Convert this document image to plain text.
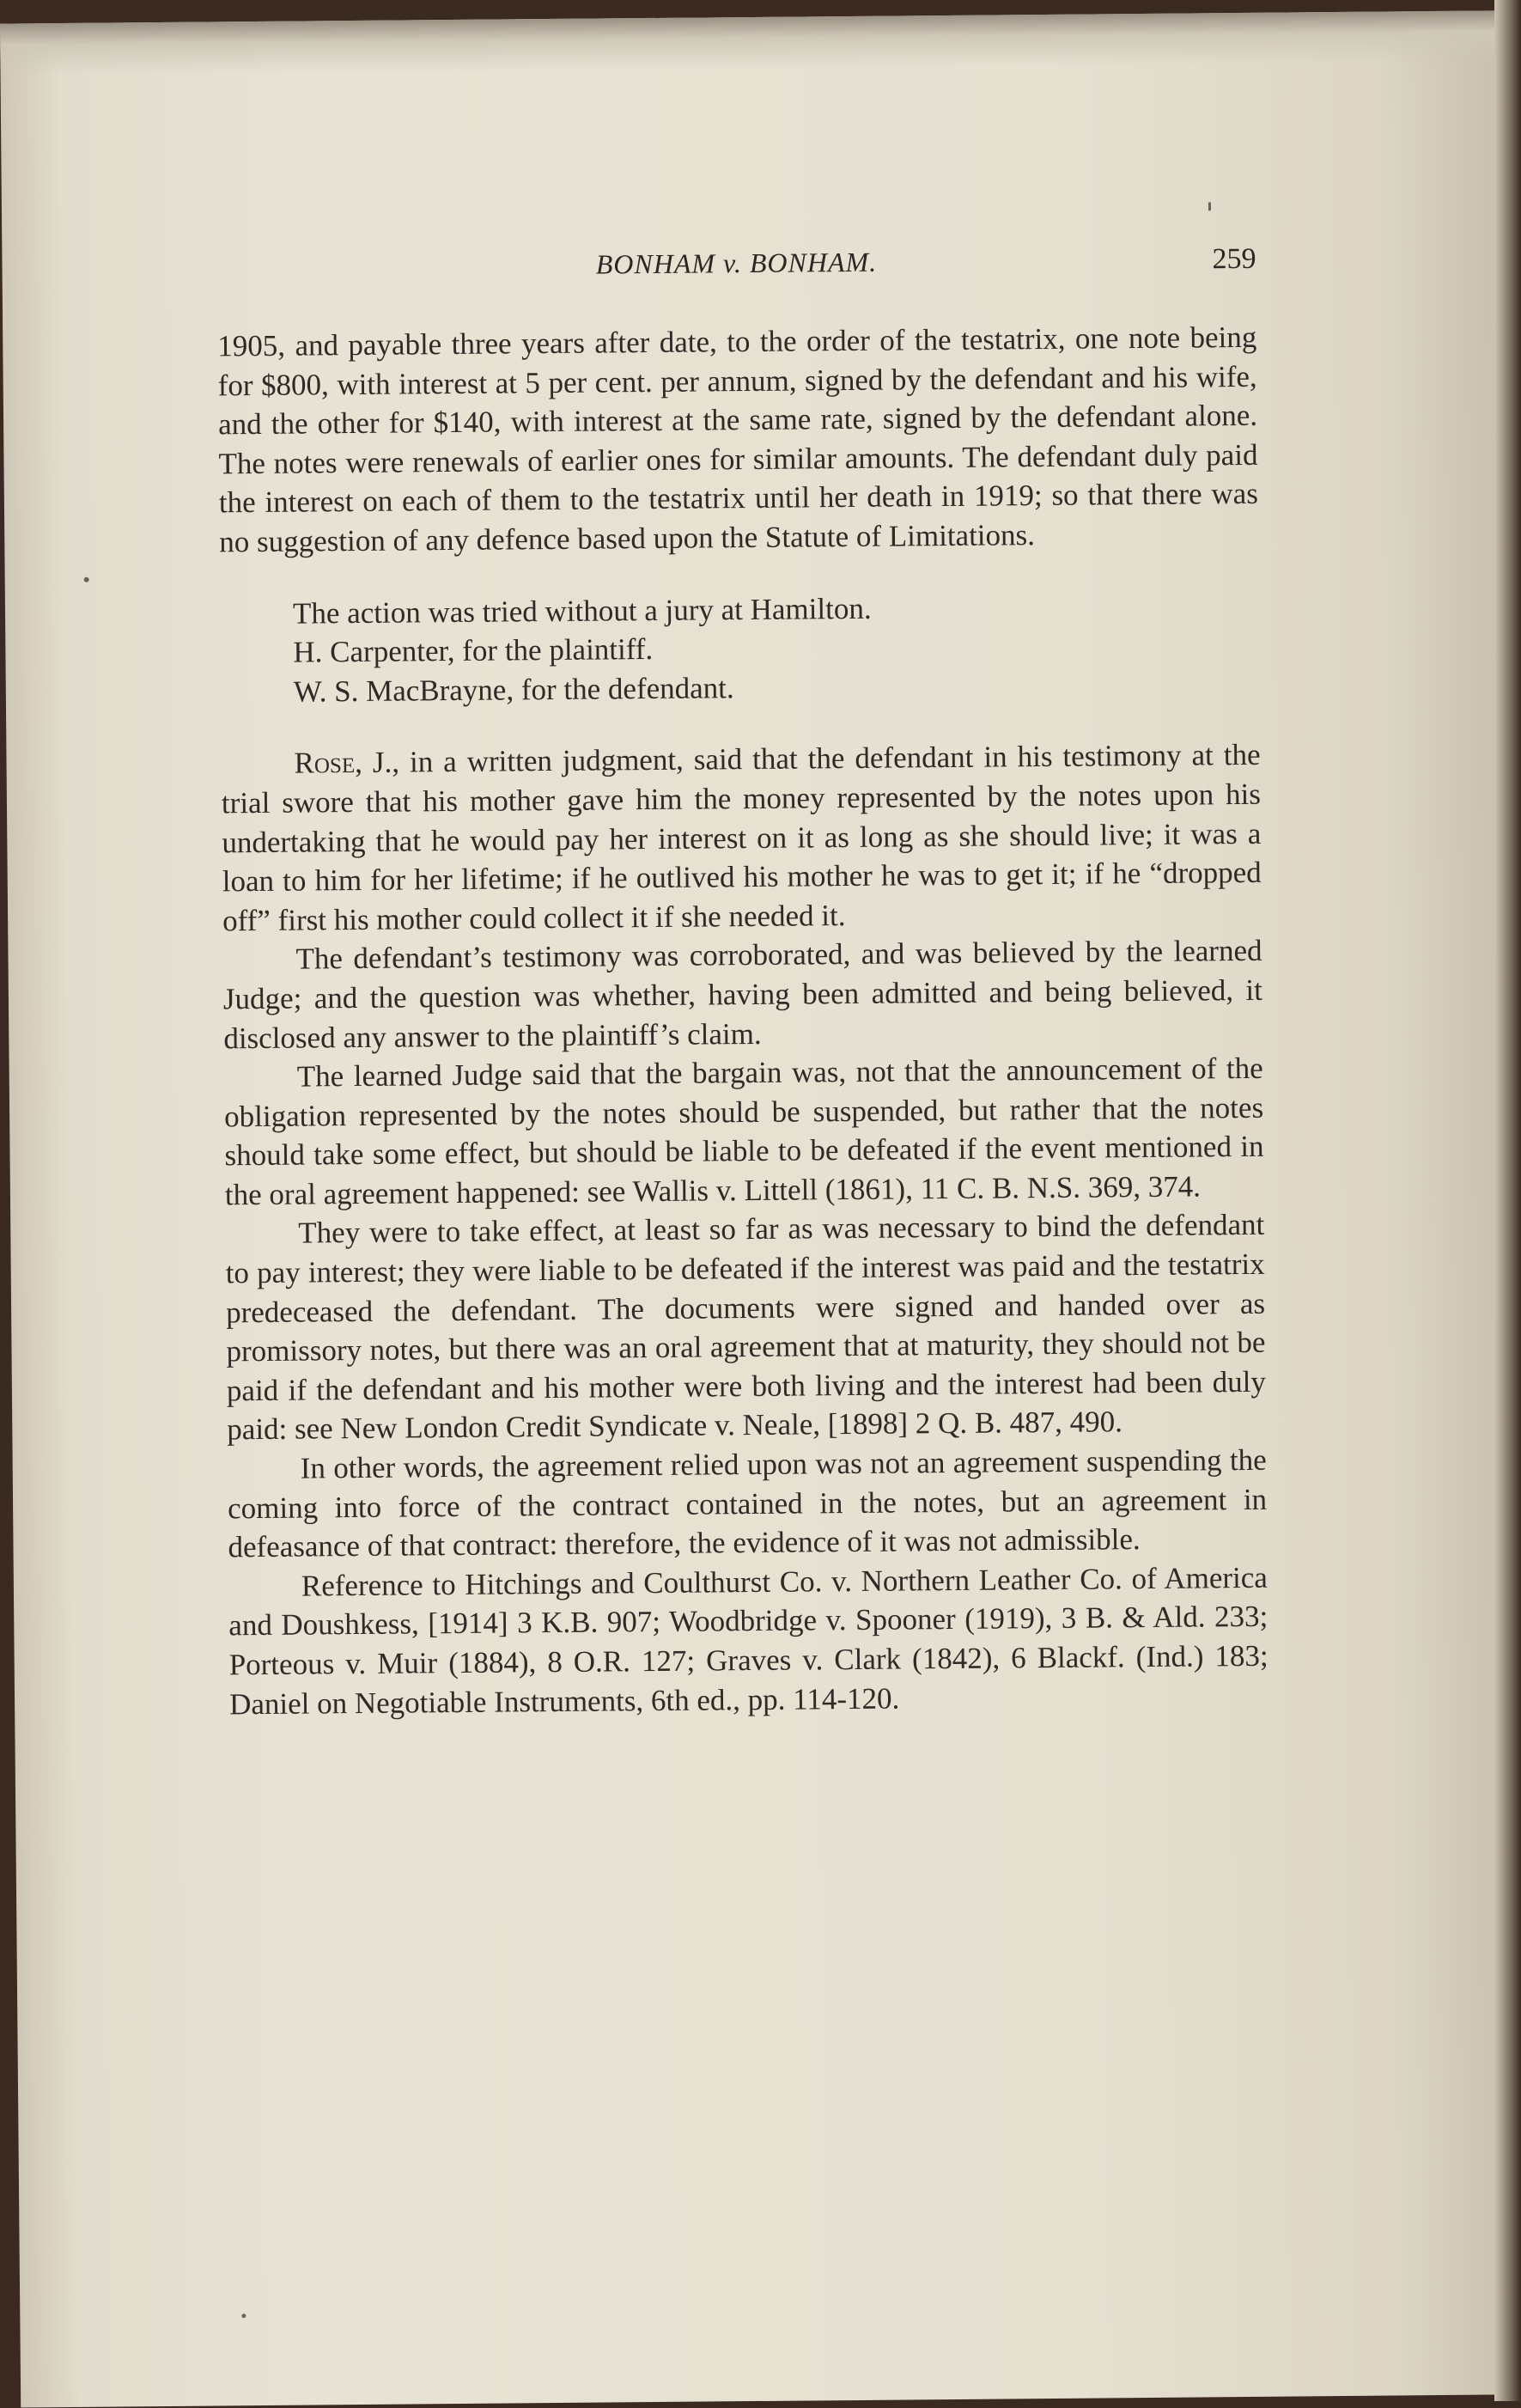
BONHAM v. BONHAM.	259

1905, and payable three years after date, to the order of the testatrix, one note being for $800, with interest at 5 per cent. per annum, signed by the defendant and his wife, and the other for $140, with interest at the same rate, signed by the defendant alone. The notes were renewals of earlier ones for similar amounts. The defendant duly paid the interest on each of them to the testatrix until her death in 1919; so that there was no suggestion of any defence based upon the Statute of Limitations.

The action was tried without a jury at Hamilton.

H. Carpenter, for the plaintiff.

W. S. MacBrayne, for the defendant.

Rose, J., in a written judgment, said that the defendant in his testimony at the trial swore that his mother gave him the money represented by the notes upon his undertaking that he would pay her interest on it as long as she should live; it was a loan to him for her lifetime; if he outlived his mother he was to get it; if he “dropped off” first his mother could collect it if she needed it.

The defendant’s testimony was corroborated, and was believed by the learned Judge; and the question was whether, having been admitted and being believed, it disclosed any answer to the plaintiff’s claim.

The learned Judge said that the bargain was, not that the announcement of the obligation represented by the notes should be suspended, but rather that the notes should take some effect, but should be liable to be defeated if the event mentioned in the oral agreement happened: see Wallis v. Littell (1861), 11 C. B. N.S. 369, 374.

They were to take effect, at least so far as was necessary to bind the defendant to pay interest; they were liable to be defeated if the interest was paid and the testatrix predeceased the defendant. The documents were signed and handed over as promissory notes, but there was an oral agreement that at maturity, they should not be paid if the defendant and his mother were both living and the interest had been duly paid: see New London Credit Syndicate v. Neale, [1898] 2 Q. B. 487, 490.

In other words, the agreement relied upon was not an agreement suspending the coming into force of the contract contained in the notes, but an agreement in defeasance of that contract: therefore, the evidence of it was not admissible.

Reference to Hitchings and Coulthurst Co. v. Northern Leather Co. of America and Doushkess, [1914] 3 K.B. 907; Woodbridge v. Spooner (1919), 3 B. & Ald. 233; Porteous v. Muir (1884), 8 O.R. 127; Graves v. Clark (1842), 6 Blackf. (Ind.) 183; Daniel on Negotiable Instruments, 6th ed., pp. 114-120.
